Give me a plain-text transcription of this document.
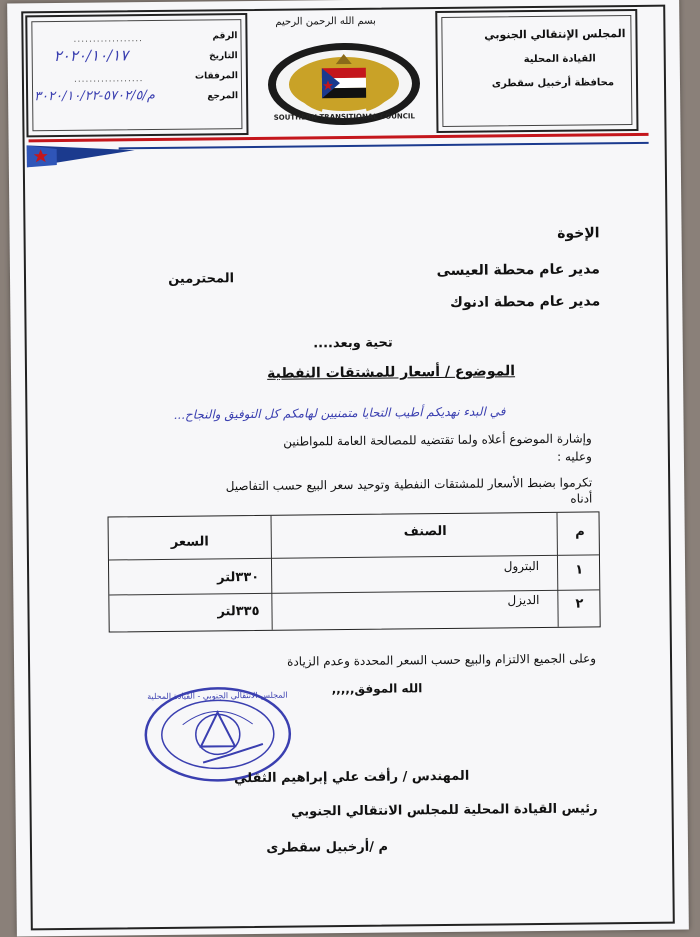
المجلس الإنتقالي الجنوبي
القيادة المحلية
محافظة أرخبيل سقطرى
بسم الله الرحمن الرحيم
SOUTHERN TRANSITIONAL COUNCIL
الرقم
..................
التاريخ
٢٠٢٠/١٠/١٧
المرفقات
..................
المرجع
م/٥٧٠٢/٥-٣٠٢٠/١٠/٢٢
الإخوة
مدير عام محطة العيسى
المحترمين
مدير عام محطة ادنوك
تحية وبعد....
الموضوع / أسعار للمشتقات النفطية
في البدء نهديكم أطيب التحايا متمنيين لهامكم كل التوفيق والنجاح...
وإشارة الموضوع أعلاه ولما تقتضيه للمصالحة العامة للمواطنين
وعليه :
تكرموا بضبط الأسعار للمشتقات النفطية وتوحيد سعر البيع حسب التفاصيل
أدناه
م
الصنف
السعر
١
البترول
٣٣٠لتر
٢
الديزل
٣٣٥لتر
وعلى الجميع الالتزام والبيع حسب السعر المحددة وعدم الزيادة
الله الموفق,,,,,
المجلس الانتقالي الجنوبي - القيادة المحلية
المهندس / رأفت علي إبراهيم الثقلي
رئيس القيادة المحلية للمجلس الانتقالي الجنوبي
م /أرخبيل سقطرى
